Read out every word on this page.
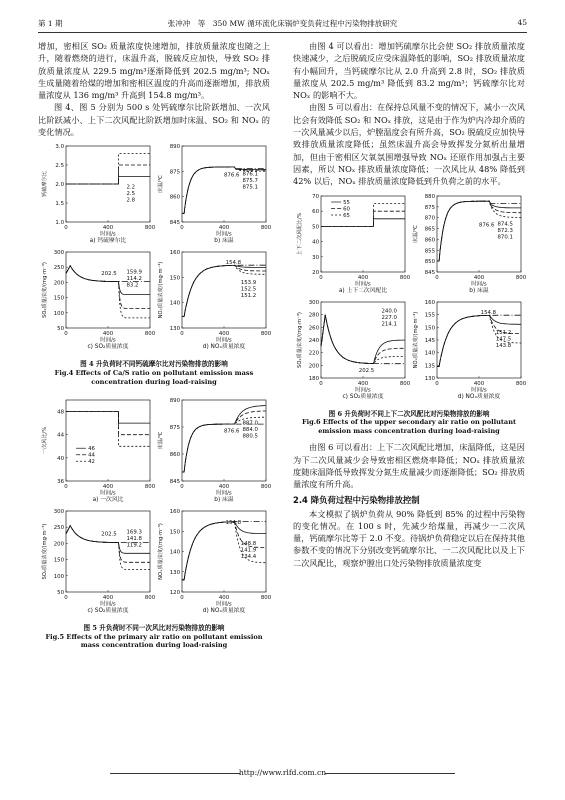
第 1 期	张冲冲　等　350 MW 循环流化床锅炉变负荷过程中污染物排放研究	45

增加，密相区 SO₂ 质量浓度快速增加，排放质量浓度也随之上升，随着燃烧的进行，床温升高，脱硫反应加快，导致 SO₂ 排放质量浓度从 229.5 mg/m³逐渐降低到 202.5 mg/m³; NOₓ 生成量随着给煤的增加和密相区温度的升高而逐渐增加，排放质量浓度从 136 mg/m³ 升高到 154.8 mg/m³。

图 4、图 5 分别为 500 s 处钙硫摩尔比阶跃增加、一次风比阶跃减小、上下二次风配比阶跃增加时床温、SO₂ 和 NOₓ 的变化情况。

1.0
1.5
2.0
2.5
3.0
0	400	800
时间/s
钙硫摩尔比	2.2
2.5
2.8
a) 钙硫摩尔比
845
860
875
890
0	400	800
时间/s
床温/℃	876.6 876.1
875.7
875.1
b) 床温
50
100
150
200
250
300
0	400	800
时间/s
SO₂质量浓度/(mg·m⁻³)	202.5 159.9
114.2
83.2
c) SO₂质量浓度
130
140
150
160
0	400	800
时间/s
NOₓ质量浓度/(mg·m⁻³)	154.8
153.9
152.5
151.2
d) NOₓ质量浓度
图 4 升负荷时不同钙硫摩尔比对污染物排放的影响
Fig.4 Effects of Ca/S ratio on pollutant emission mass concentration during load-raising
36
40
44
48
0	400	800
时间/s
一次风比/%	46
44
42
a) 一次风比
845
860
875
890
0	400	800
时间/s
床温/℃
887.0
884.0
880.5
876.6
b) 床温
50
100
150
200
250
300
0	400	800
时间/s
SO₂质量浓度/(mg·m⁻³)	202.5 169.3
141.8
119.2
c) SO₂质量浓度
120
130
140
150
160
0	400	800
时间/s
NOₓ质量浓度/(mg·m⁻³)
154.8
148.8
141.9
134.4
d) NOₓ质量浓度
图 5 升负荷时不同一次风比对污染物排放的影响
Fig.5 Effects of the primary air ratio on pollutant emission mass concentration during load-raising

由图 4 可以看出：增加钙硫摩尔比会使 SO₂ 排放质量浓度快速减少，之后脱硫反应受床温降低的影响，SO₂ 排放质量浓度有小幅回升，当钙硫摩尔比从 2.0 升高到 2.8 时，SO₂ 排放质量浓度从 202.5 mg/m³ 降低到 83.2 mg/m³；钙硫摩尔比对 NOₓ 的影响不大。

由图 5 可以看出：在保持总风量不变的情况下，减小一次风比会有效降低 SO₂ 和 NOₓ 排放，这是由于作为炉内冷却介质的一次风量减少以后，炉膛温度会有所升高，SO₂ 脱硫反应加快导致排放质量浓度降低；虽然床温升高会导致挥发分氮析出量增加，但由于密相区欠氧氛围增强导致 NOₓ 还原作用加强占主要因素，所以 NOₓ 排放质量浓度降低；一次风比从 48% 降低到 42% 以后，NOₓ 排放质量浓度降低到升负荷之前的水平。

20
30
40
50
60
70
0	400	800
时间/s
上下二次风配比/%
55
60
65
a) 上下二次风配比
845
850
855
860
865
870
875
880
0	400	800
时间/s
床温/℃	876.6 874.5
872.3
870.1
b) 床温
180
200
220
240
260
280
300
0	400	800
时间/s
SO₂质量浓度/(mg·m⁻³)
240.0
227.0
214.1
202.5
c) SO₂质量浓度
130
135
140
145
150
155
160
0	400	800
时间/s
NOₓ质量浓度/(mg·m⁻³)	154.8
151.2
147.5
143.8
d) NOₓ质量浓度
图 6 升负荷时不同上下二次风配比对污染物排放的影响
Fig.6 Effects of the upper secondary air ratio on pollutant emission mass concentration during load-raising

由图 6 可以看出：上下二次风配比增加，床温降低，这是因为下二次风量减少会导致密相区燃烧率降低；NOₓ 排放质量浓度随床温降低导致挥发分氮生成量减少而逐渐降低；SO₂ 排放质量浓度有所升高。

2.4 降负荷过程中污染物排放控制

本文模拟了锅炉负荷从 90% 降低到 85% 的过程中污染物的变化情况。在 100 s 时，先减少给煤量，再减少一二次风量，钙硫摩尔比等于 2.0 不变。待锅炉负荷稳定以后在保持其他参数不变的情况下分别改变钙硫摩尔比、一二次风配比以及上下二次风配比，观察炉膛出口处污染物排放质量浓度变

http://www.rlfd.com.cn
